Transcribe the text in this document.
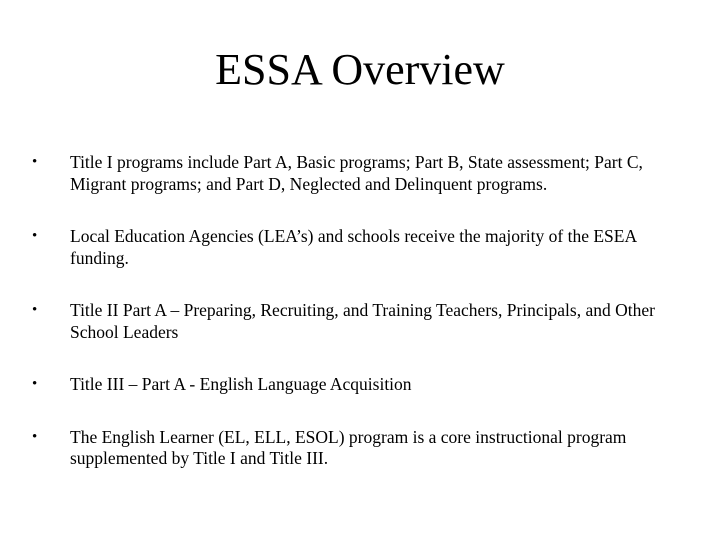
ESSA Overview
• Title I programs include Part A, Basic programs; Part B, State assessment; Part C, Migrant programs; and Part D, Neglected and Delinquent programs.
• Local Education Agencies (LEA’s) and schools receive the majority of the ESEA funding.
• Title II Part A – Preparing, Recruiting, and Training Teachers, Principals, and Other School Leaders
• Title III – Part A - English Language Acquisition
• The English Learner (EL, ELL, ESOL) program is a core instructional program supplemented by Title I and Title III.
